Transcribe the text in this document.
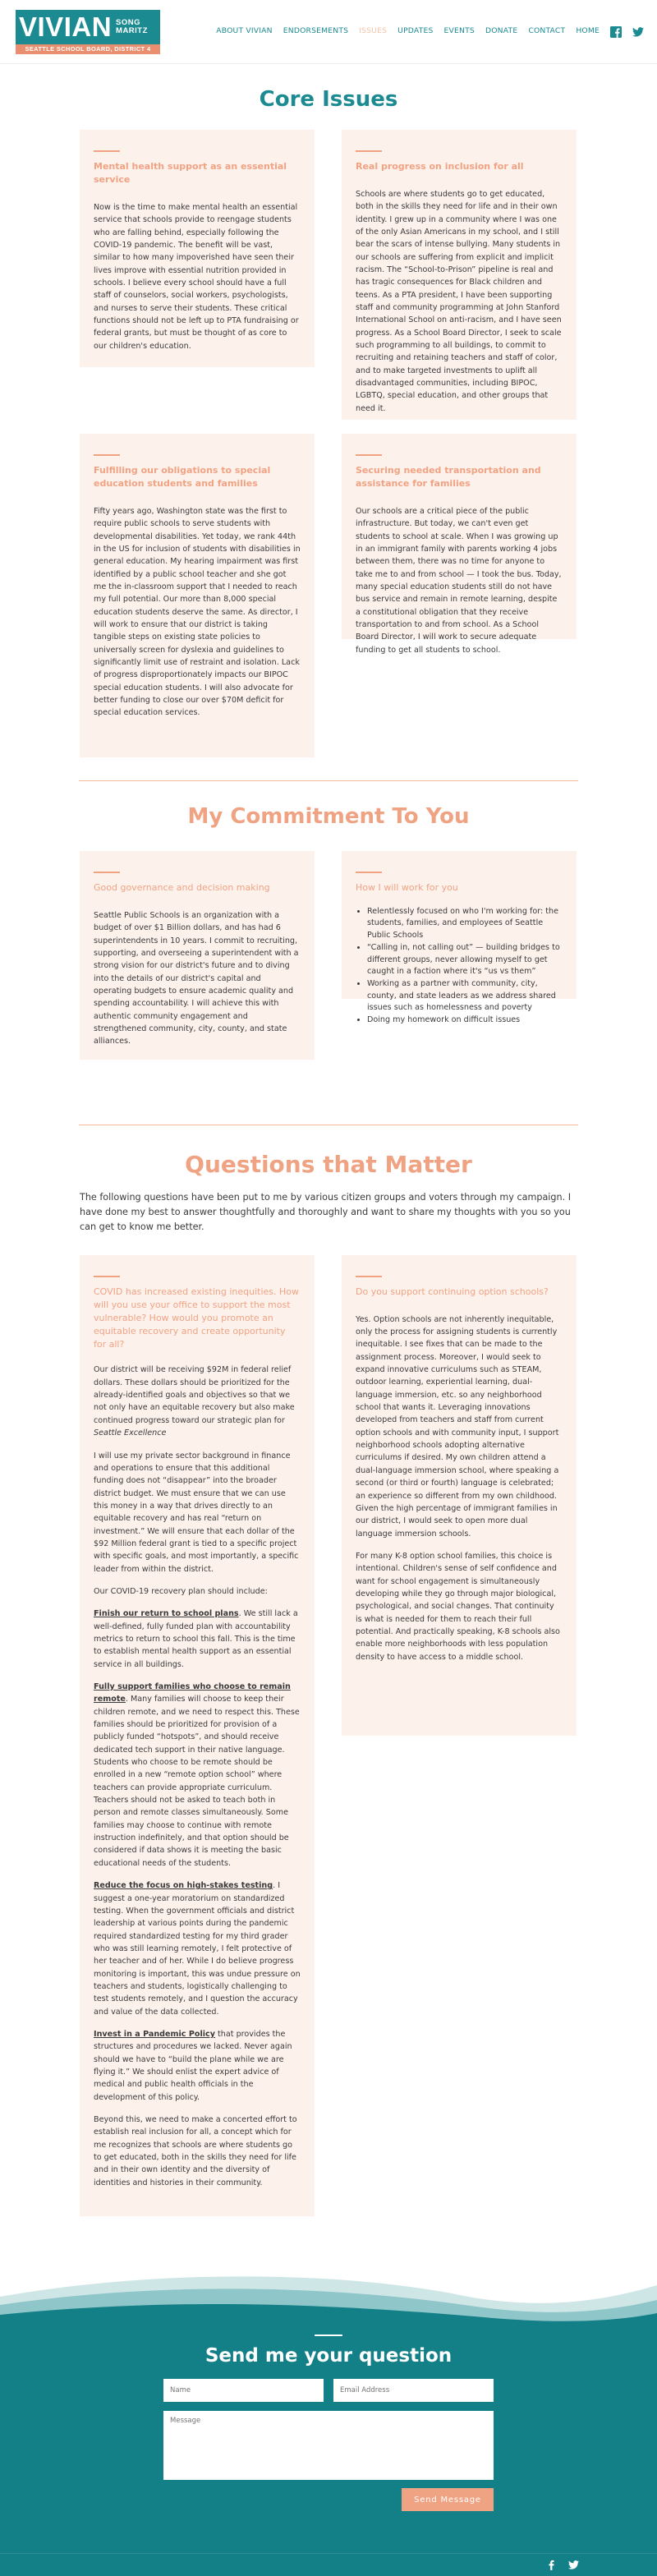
VIVIAN SONG
MARITZ
SEATTLE SCHOOL BOARD, DISTRICT 4
ABOUT VIVIAN ENDORSEMENTS ISSUES UPDATES EVENTS DONATE CONTACT HOME
Core Issues
Mental health support as an essential service

Now is the time to make mental health an essential service that schools provide to reengage students who are falling behind, especially following the COVID-19 pandemic. The benefit will be vast, similar to how many impoverished have seen their lives improve with essential nutrition provided in schools. I believe every school should have a full staff of counselors, social workers, psychologists, and nurses to serve their students. These critical functions should not be left up to PTA fundraising or federal grants, but must be thought of as core to our children's education.

Real progress on inclusion for all

Schools are where students go to get educated, both in the skills they need for life and in their own identity. I grew up in a community where I was one of the only Asian Americans in my school, and I still bear the scars of intense bullying. Many students in our schools are suffering from explicit and implicit racism. The “School-to-Prison” pipeline is real and has tragic consequences for Black children and teens. As a PTA president, I have been supporting staff and community programming at John Stanford International School on anti-racism, and I have seen progress. As a School Board Director, I seek to scale such programming to all buildings, to commit to recruiting and retaining teachers and staff of color, and to make targeted investments to uplift all disadvantaged communities, including BIPOC, LGBTQ, special education, and other groups that need it.

Fulfilling our obligations to special education students and families

Fifty years ago, Washington state was the first to require public schools to serve students with developmental disabilities. Yet today, we rank 44th in the US for inclusion of students with disabilities in general education. My hearing impairment was first identified by a public school teacher and she got me the in-classroom support that I needed to reach my full potential. Our more than 8,000 special education students deserve the same. As director, I will work to ensure that our district is taking tangible steps on existing state policies to universally screen for dyslexia and guidelines to significantly limit use of restraint and isolation. Lack of progress disproportionately impacts our BIPOC special education students. I will also advocate for better funding to close our over $70M deficit for special education services.

Securing needed transportation and assistance for families

Our schools are a critical piece of the public infrastructure. But today, we can't even get students to school at scale. When I was growing up in an immigrant family with parents working 4 jobs between them, there was no time for anyone to take me to and from school — I took the bus. Today, many special education students still do not have bus service and remain in remote learning, despite a constitutional obligation that they receive transportation to and from school. As a School Board Director, I will work to secure adequate funding to get all students to school.

My Commitment To You
Good governance and decision making

Seattle Public Schools is an organization with a budget of over $1 Billion dollars, and has had 6 superintendents in 10 years. I commit to recruiting, supporting, and overseeing a superintendent with a strong vision for our district's future and to diving into the details of our district's capital and operating budgets to ensure academic quality and spending accountability. I will achieve this with authentic community engagement and strengthened community, city, county, and state alliances.

How I will work for you
• Relentlessly focused on who I'm working for: the students, families, and employees of Seattle Public Schools
• “Calling in, not calling out” — building bridges to different groups, never allowing myself to get caught in a faction where it's “us vs them”
• Working as a partner with community, city, county, and state leaders as we address shared issues such as homelessness and poverty
• Doing my homework on difficult issues
Questions that Matter

The following questions have been put to me by various citizen groups and voters through my campaign. I have done my best to answer thoughtfully and thoroughly and want to share my thoughts with you so you can get to know me better.

COVID has increased existing inequities. How will you use your office to support the most vulnerable? How would you promote an equitable recovery and create opportunity for all?

Our district will be receiving $92M in federal relief dollars. These dollars should be prioritized for the already-identified goals and objectives so that we not only have an equitable recovery but also make continued progress toward our strategic plan for Seattle Excellence

I will use my private sector background in finance and operations to ensure that this additional funding does not “disappear” into the broader district budget. We must ensure that we can use this money in a way that drives directly to an equitable recovery and has real “return on investment.” We will ensure that each dollar of the $92 Million federal grant is tied to a specific project with specific goals, and most importantly, a specific leader from within the district.

Our COVID-19 recovery plan should include:

Finish our return to school plans. We still lack a well-defined, fully funded plan with accountability metrics to return to school this fall. This is the time to establish mental health support as an essential service in all buildings.

Fully support families who choose to remain remote. Many families will choose to keep their children remote, and we need to respect this. These families should be prioritized for provision of a publicly funded “hotspots”, and should receive dedicated tech support in their native language. Students who choose to be remote should be enrolled in a new “remote option school” where teachers can provide appropriate curriculum. Teachers should not be asked to teach both in person and remote classes simultaneously. Some families may choose to continue with remote instruction indefinitely, and that option should be considered if data shows it is meeting the basic educational needs of the students.

Reduce the focus on high-stakes testing. I suggest a one-year moratorium on standardized testing. When the government officials and district leadership at various points during the pandemic required standardized testing for my third grader who was still learning remotely, I felt protective of her teacher and of her. While I do believe progress monitoring is important, this was undue pressure on teachers and students, logistically challenging to test students remotely, and I question the accuracy and value of the data collected.

Invest in a Pandemic Policy that provides the structures and procedures we lacked. Never again should we have to “build the plane while we are flying it.” We should enlist the expert advice of medical and public health officials in the development of this policy.

Beyond this, we need to make a concerted effort to establish real inclusion for all, a concept which for me recognizes that schools are where students go to get educated, both in the skills they need for life and in their own identity and the diversity of identities and histories in their community.

Do you support continuing option schools?

Yes. Option schools are not inherently inequitable, only the process for assigning students is currently inequitable. I see fixes that can be made to the assignment process. Moreover, I would seek to expand innovative curriculums such as STEAM, outdoor learning, experiential learning, dual-language immersion, etc. so any neighborhood school that wants it. Leveraging innovations developed from teachers and staff from current option schools and with community input, I support neighborhood schools adopting alternative curriculums if desired. My own children attend a dual-language immersion school, where speaking a second (or third or fourth) language is celebrated; an experience so different from my own childhood. Given the high percentage of immigrant families in our district, I would seek to open more dual language immersion schools.

For many K-8 option school families, this choice is intentional. Children's sense of self confidence and want for school engagement is simultaneously developing while they go through major biological, psychological, and social changes. That continuity is what is needed for them to reach their full potential. And practically speaking, K-8 schools also enable more neighborhoods with less population density to have access to a middle school.

Send me your question
Name
Email Address
Message
Send Message
